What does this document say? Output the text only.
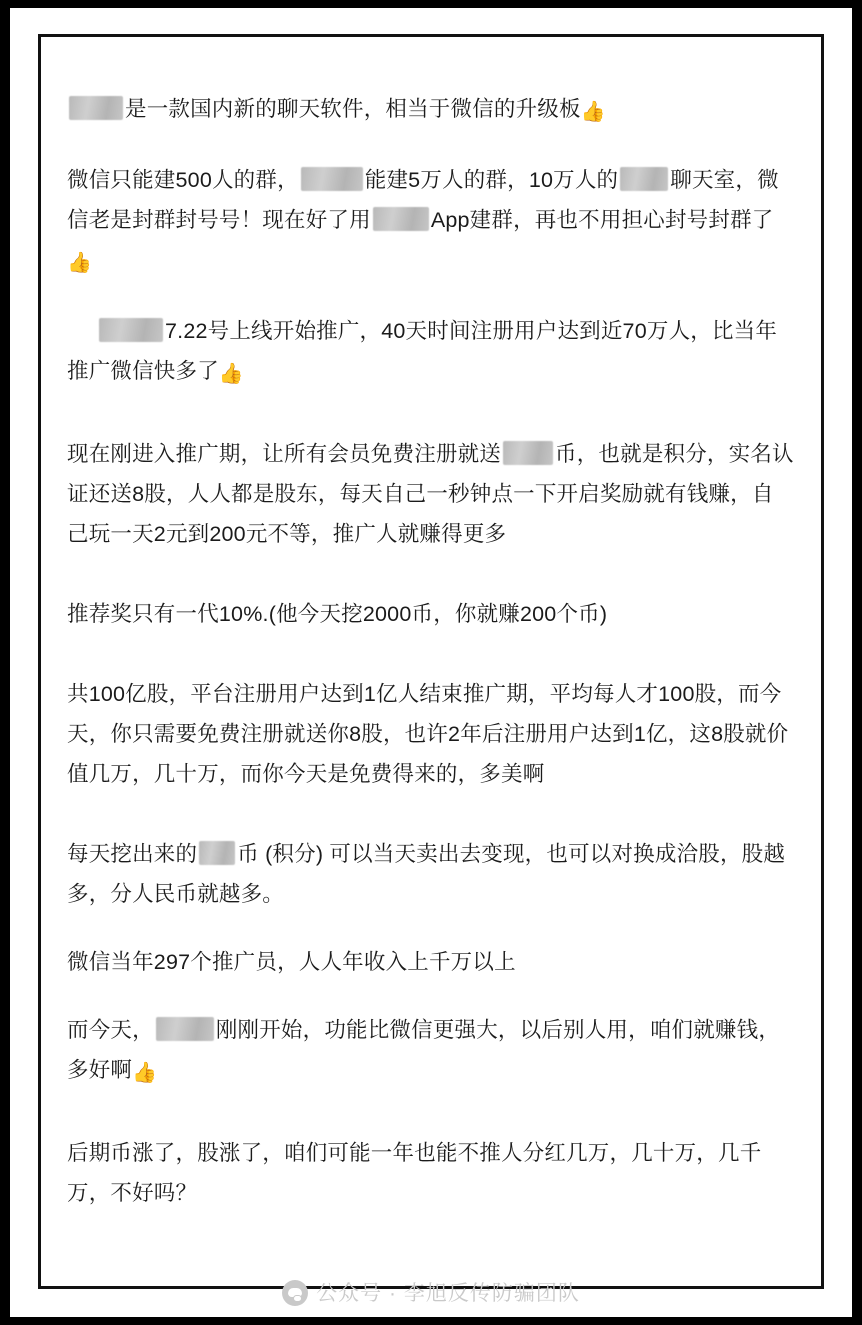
是一款国内新的聊天软件，相当于微信的升级板👍

微信只能建500人的群，	能建5万人的群，10万人的 聊天室，微信老是封群封号号！现在好了用	App建群，再也不用担心封号封群了👍

7.22号上线开始推广，40天时间注册用户达到近70万人，比当年推广微信快多了👍

现在刚进入推广期，让所有会员免费注册就送	币，也就是积分，实名认证还送8股，人人都是股东，每天自己一秒钟点一下开启奖励就有钱赚，自己玩一天2元到200元不等，推广人就赚得更多

推荐奖只有一代10%.(他今天挖2000币，你就赚200个币)

共100亿股，平台注册用户达到1亿人结束推广期，平均每人才100股，而今天，你只需要免费注册就送你8股，也许2年后注册用户达到1亿，这8股就价值几万，几十万，而你今天是免费得来的，多美啊

每天挖出来的 币 (积分) 可以当天卖出去变现，也可以对换成洽股，股越多，分人民币就越多。

微信当年297个推广员，人人年收入上千万以上

而今天，	刚刚开始，功能比微信更强大，以后别人用，咱们就赚钱，多好啊👍

后期币涨了，股涨了，咱们可能一年也能不推人分红几万，几十万，几千万，不好吗？

公众号 · 李旭反传防骗团队
